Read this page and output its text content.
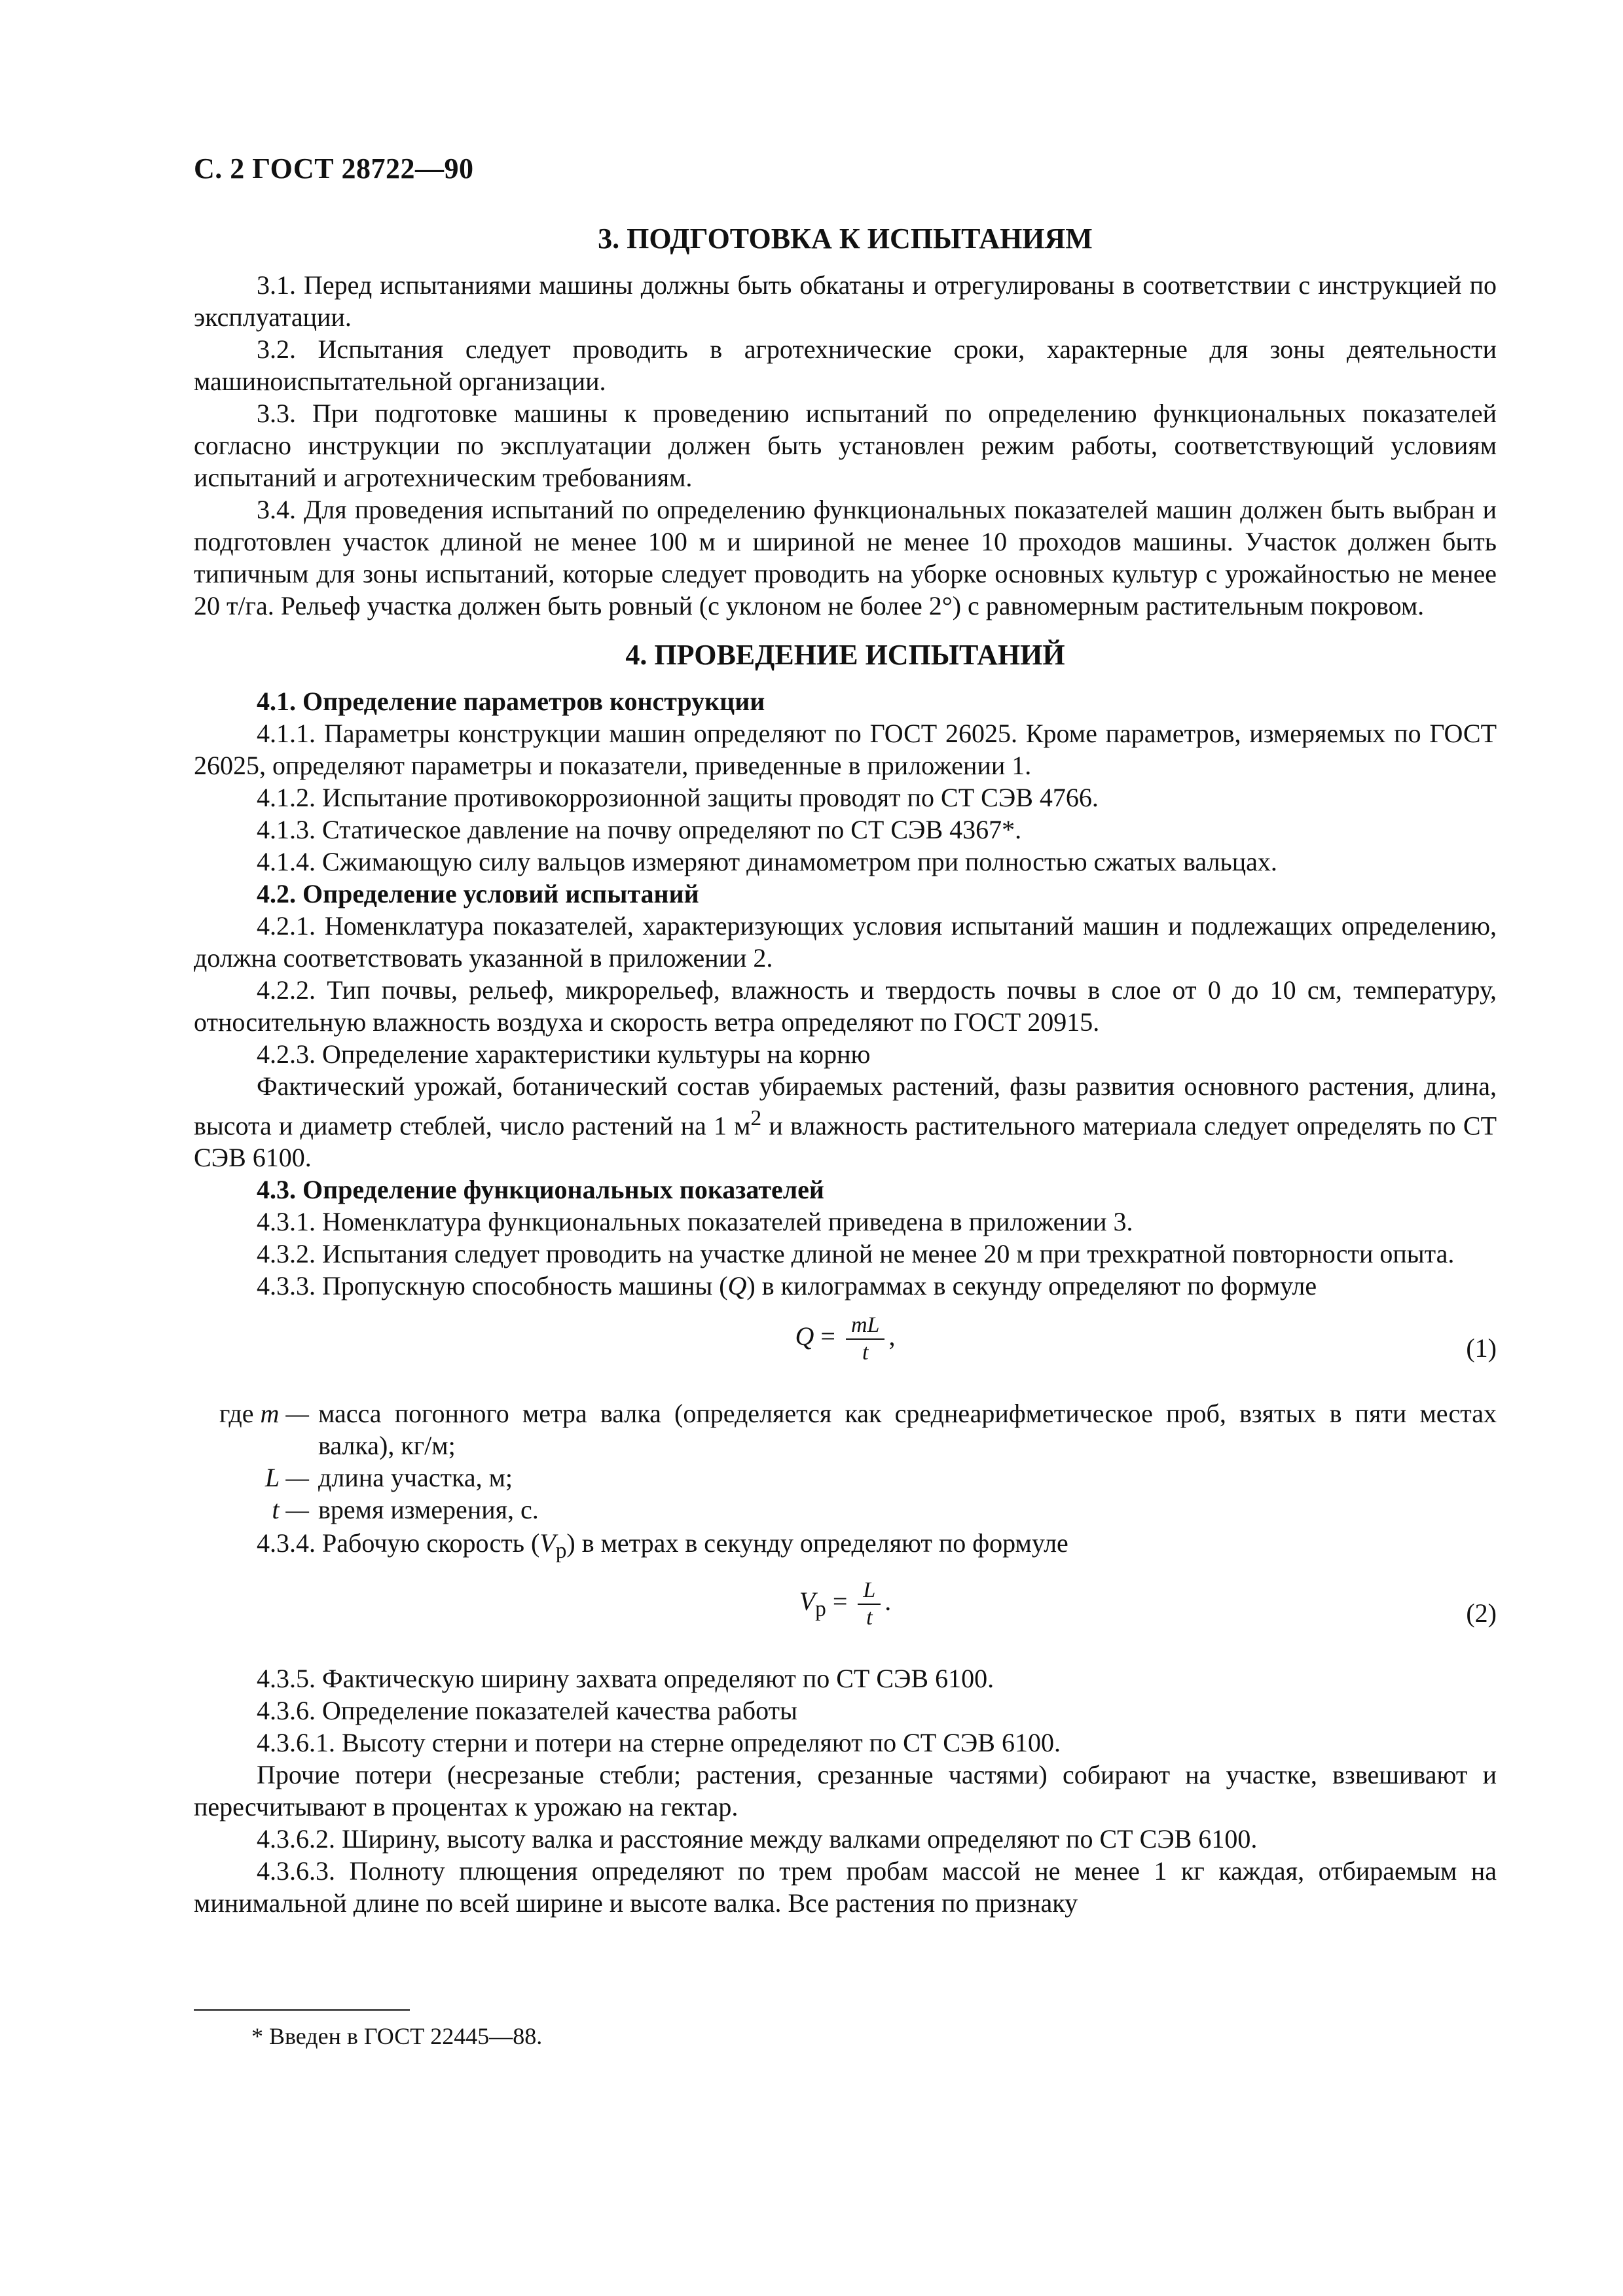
С. 2 ГОСТ 28722—90
3. ПОДГОТОВКА К ИСПЫТАНИЯМ

3.1. Перед испытаниями машины должны быть обкатаны и отрегулированы в соответствии с инструкцией по эксплуатации.

3.2. Испытания следует проводить в агротехнические сроки, характерные для зоны деятельности машиноиспытательной организации.

3.3. При подготовке машины к проведению испытаний по определению функциональных показателей согласно инструкции по эксплуатации должен быть установлен режим работы, соответствующий условиям испытаний и агротехническим требованиям.

3.4. Для проведения испытаний по определению функциональных показателей машин должен быть выбран и подготовлен участок длиной не менее 100 м и шириной не менее 10 проходов машины. Участок должен быть типичным для зоны испытаний, которые следует проводить на уборке основных культур с урожайностью не менее 20 т/га. Рельеф участка должен быть ровный (с уклоном не более 2°) с равномерным растительным покровом.

4. ПРОВЕДЕНИЕ ИСПЫТАНИЙ

4.1. Определение параметров конструкции

4.1.1. Параметры конструкции машин определяют по ГОСТ 26025. Кроме параметров, измеряемых по ГОСТ 26025, определяют параметры и показатели, приведенные в приложении 1.

4.1.2. Испытание противокоррозионной защиты проводят по СТ СЭВ 4766.

4.1.3. Статическое давление на почву определяют по СТ СЭВ 4367*.

4.1.4. Сжимающую силу вальцов измеряют динамометром при полностью сжатых вальцах.

4.2. Определение условий испытаний

4.2.1. Номенклатура показателей, характеризующих условия испытаний машин и подлежащих определению, должна соответствовать указанной в приложении 2.

4.2.2. Тип почвы, рельеф, микрорельеф, влажность и твердость почвы в слое от 0 до 10 см, температуру, относительную влажность воздуха и скорость ветра определяют по ГОСТ 20915.

4.2.3. Определение характеристики культуры на корню

Фактический урожай, ботанический состав убираемых растений, фазы развития основного растения, длина, высота и диаметр стеблей, число растений на 1 $м^2$ и влажность растительного материала следует определять по СТ СЭВ 6100.

4.3. Определение функциональных показателей

4.3.1. Номенклатура функциональных показателей приведена в приложении 3.

4.3.2. Испытания следует проводить на участке длиной не менее 20 м при трехкратной повторности опыта.

4.3.3. Пропускную способность машины (Q) в килограммах в секунду определяют по формуле

$Q = \frac{mL}{t}$ ,	(1)
где m — масса погонного метра валка (определяется как среднеарифметическое проб, взятых в пяти местах валка), кг/м;
L — длина участка, м;
t — время измерения, с.

4.3.4. Рабочую скорость $(V_р)$ в метрах в секунду определяют по формуле

$V_р = \frac{L}{t}$ .	(2)

4.3.5. Фактическую ширину захвата определяют по СТ СЭВ 6100.

4.3.6. Определение показателей качества работы

4.3.6.1. Высоту стерни и потери на стерне определяют по СТ СЭВ 6100.

Прочие потери (несрезаные стебли; растения, срезанные частями) собирают на участке, взвешивают и пересчитывают в процентах к урожаю на гектар.

4.3.6.2. Ширину, высоту валка и расстояние между валками определяют по СТ СЭВ 6100.

4.3.6.3. Полноту плющения определяют по трем пробам массой не менее 1 кг каждая, отбираемым на минимальной длине по всей ширине и высоте валка. Все растения по признаку

* Введен в ГОСТ 22445—88.
